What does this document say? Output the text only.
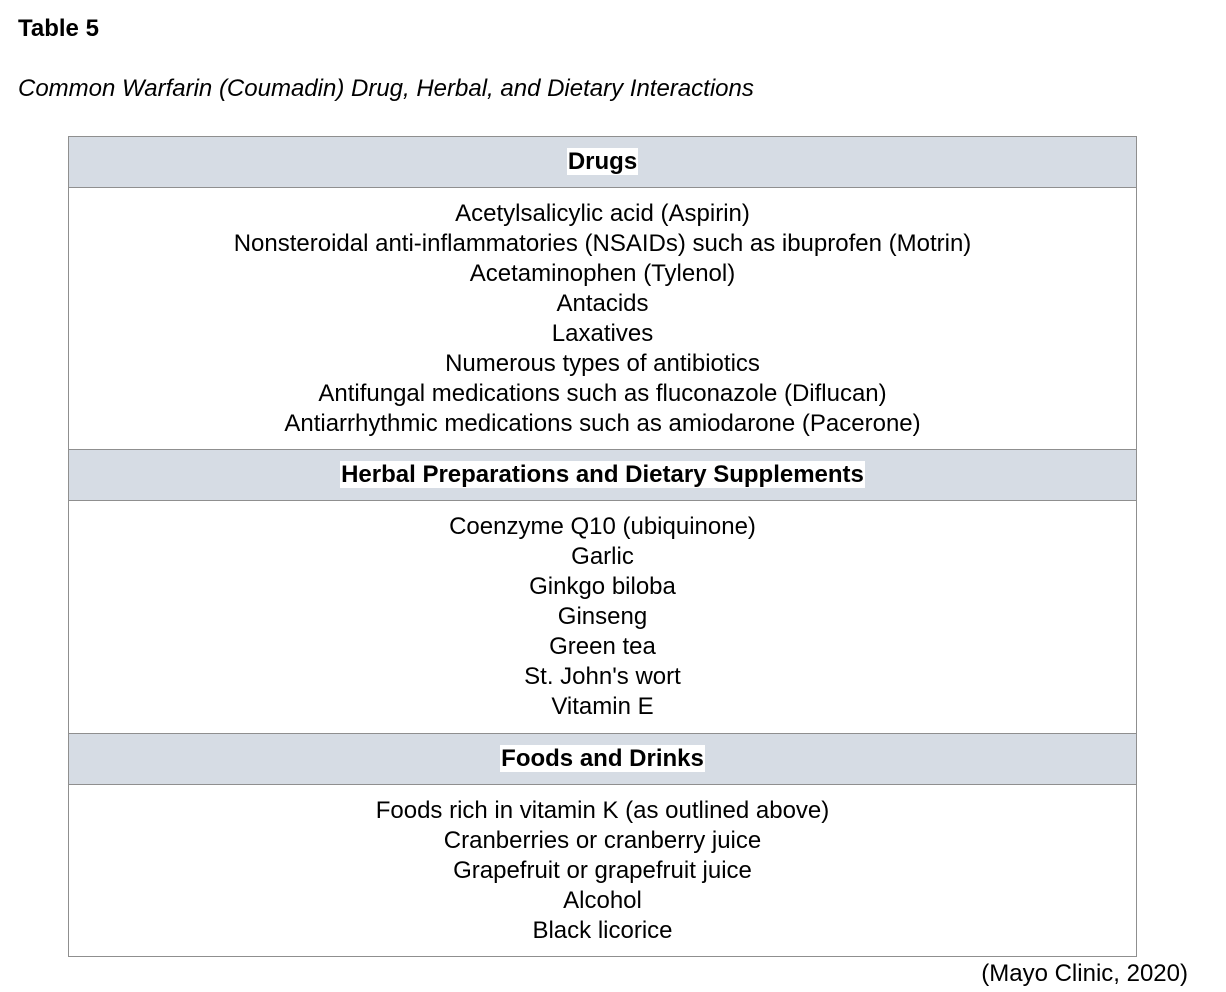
Table 5
Common Warfarin (Coumadin) Drug, Herbal, and Dietary Interactions
Drugs

Acetylsalicylic acid (Aspirin)
Nonsteroidal anti-inflammatories (NSAIDs) such as ibuprofen (Motrin)
Acetaminophen (Tylenol)
Antacids
Laxatives
Numerous types of antibiotics
Antifungal medications such as fluconazole (Diflucan)
Antiarrhythmic medications such as amiodarone (Pacerone)

Herbal Preparations and Dietary Supplements

Coenzyme Q10 (ubiquinone)
Garlic
Ginkgo biloba
Ginseng
Green tea
St. John's wort
Vitamin E

Foods and Drinks

Foods rich in vitamin K (as outlined above)
Cranberries or cranberry juice
Grapefruit or grapefruit juice
Alcohol
Black licorice
(Mayo Clinic, 2020)
